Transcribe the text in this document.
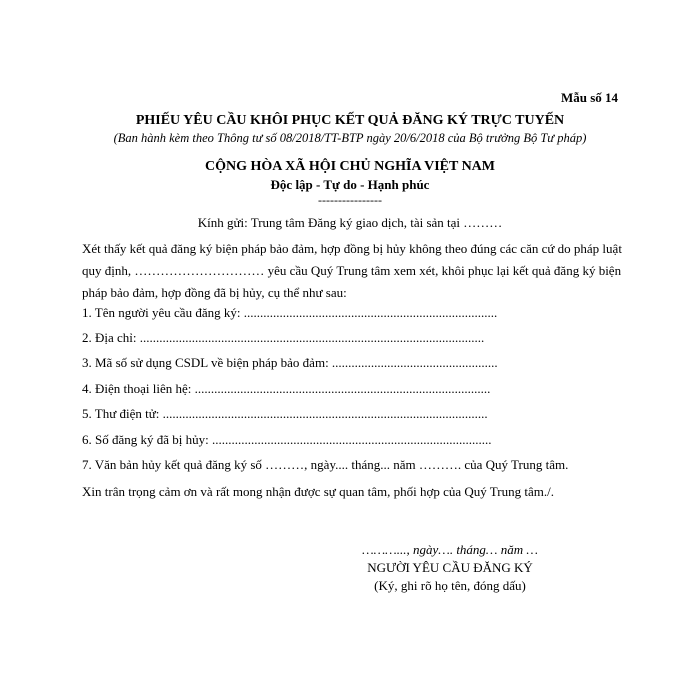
Mẫu số 14
PHIẾU YÊU CẦU KHÔI PHỤC KẾT QUẢ ĐĂNG KÝ TRỰC TUYẾN
(Ban hành kèm theo Thông tư số 08/2018/TT-BTP ngày 20/6/2018 của Bộ trưởng Bộ Tư pháp)
CỘNG HÒA XÃ HỘI CHỦ NGHĨA VIỆT NAM
Độc lập - Tự do - Hạnh phúc
----------------
Kính gửi: Trung tâm Đăng ký giao dịch, tài sản tại ………
Xét thấy kết quả đăng ký biện pháp bảo đảm, hợp đồng bị hủy không theo đúng các căn cứ do pháp luật quy định, ………………………… yêu cầu Quý Trung tâm xem xét, khôi phục lại kết quả đăng ký biện pháp bảo đảm, hợp đồng đã bị hủy, cụ thể như sau:
1. Tên người yêu cầu đăng ký: ..............................................................................
2. Địa chỉ: ..........................................................................................................
3. Mã số sử dụng CSDL về biện pháp bảo đảm: ...................................................
4. Điện thoại liên hệ: ...........................................................................................
5. Thư điện tử: ....................................................................................................
6. Số đăng ký đã bị hủy: ......................................................................................
7. Văn bản hủy kết quả đăng ký số ………, ngày.... tháng... năm ………. của Quý Trung tâm.
Xin trân trọng cảm ơn và rất mong nhận được sự quan tâm, phối hợp của Quý Trung tâm./.
………..., ngày…. tháng… năm …
NGƯỜI YÊU CẦU ĐĂNG KÝ
(Ký, ghi rõ họ tên, đóng dấu)
